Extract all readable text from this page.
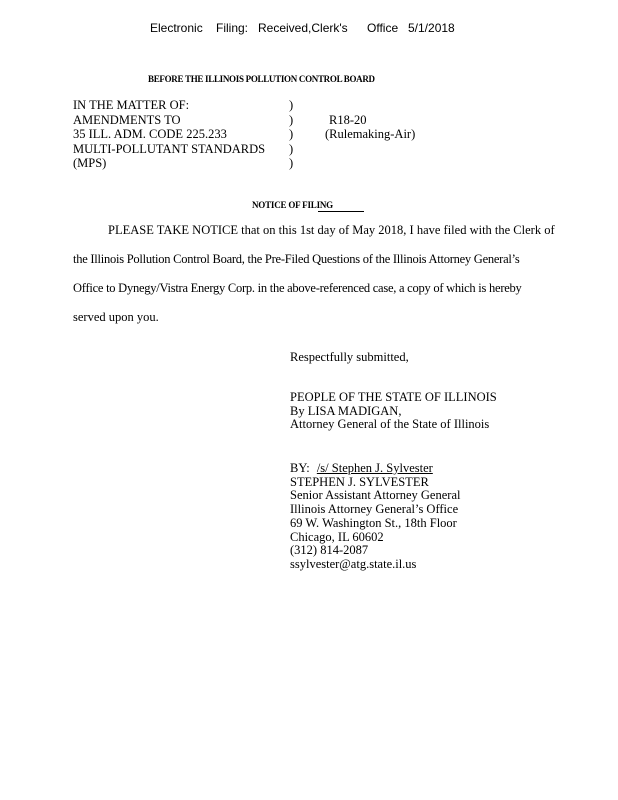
Electronic Filing: Received,Clerk's Office 5/1/2018
BEFORE THE ILLINOIS POLLUTION CONTROL BOARD
IN THE MATTER OF:
AMENDMENTS TO
35 ILL. ADM. CODE 225.233
MULTI-POLLUTANT STANDARDS
(MPS)
)
)
)
)
)
R18-20
(Rulemaking-Air)
NOTICE OF FILING
PLEASE TAKE NOTICE that on this 1st day of May 2018, I have filed with the Clerk of
the Illinois Pollution Control Board, the Pre-Filed Questions of the Illinois Attorney General’s
Office to Dynegy/Vistra Energy Corp. in the above-referenced case, a copy of which is hereby
served upon you.
Respectfully submitted,
PEOPLE OF THE STATE OF ILLINOIS
By LISA MADIGAN,
Attorney General of the State of Illinois
BY: /s/ Stephen J. Sylvester
STEPHEN J. SYLVESTER
Senior Assistant Attorney General
Illinois Attorney General’s Office
69 W. Washington St., 18th Floor
Chicago, IL 60602
(312) 814-2087
ssylvester@atg.state.il.us
